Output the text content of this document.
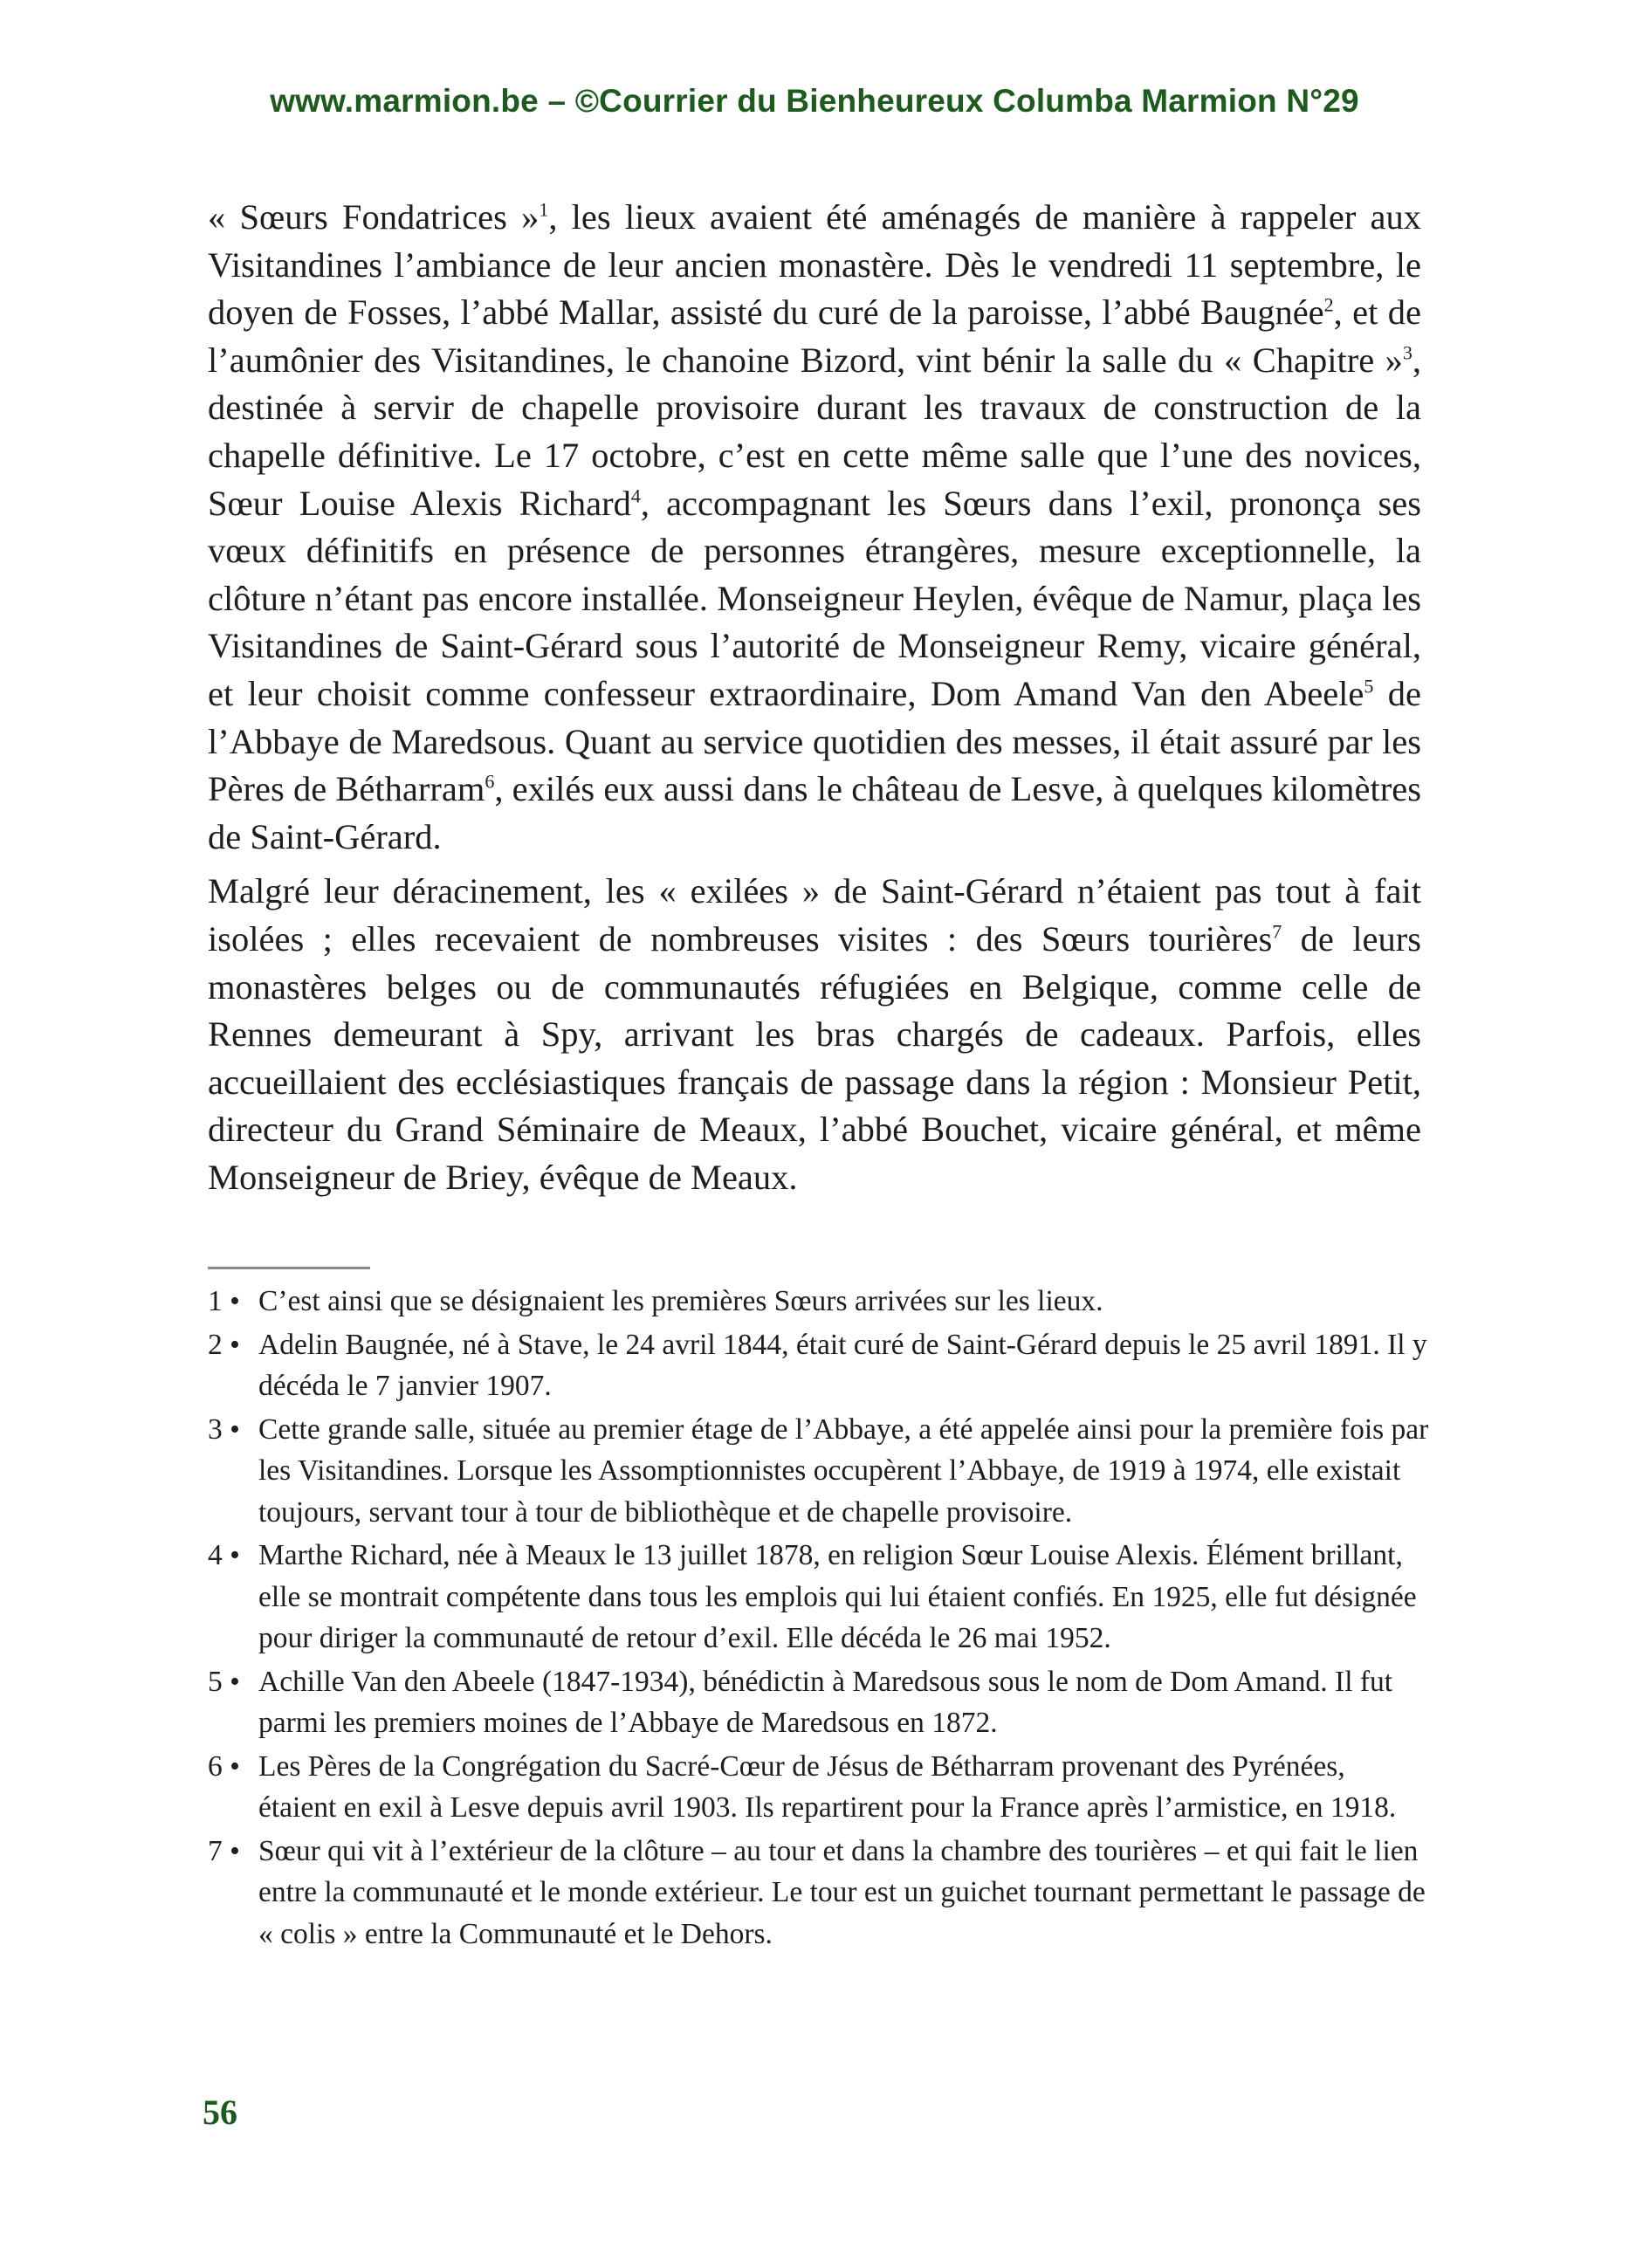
www.marmion.be – ©Courrier du Bienheureux Columba Marmion N°29

« Sœurs Fondatrices »$^1$, les lieux avaient été aménagés de manière à rappeler aux Visitandines l’ambiance de leur ancien monastère. Dès le vendredi 11 septembre, le doyen de Fosses, l’abbé Mallar, assisté du curé de la paroisse, l’abbé Baugnée$^2$, et de l’aumônier des Visitandines, le chanoine Bizord, vint bénir la salle du « Chapitre »$^3$, destinée à servir de chapelle provisoire durant les travaux de construction de la chapelle définitive. Le 17 octobre, c’est en cette même salle que l’une des novices, Sœur Louise Alexis Richard$^4$, accompagnant les Sœurs dans l’exil, prononça ses vœux définitifs en présence de personnes étrangères, mesure exceptionnelle, la clôture n’étant pas encore installée. Monseigneur Heylen, évêque de Namur, plaça les Visitandines de Saint-Gérard sous l’autorité de Monseigneur Remy, vicaire général, et leur choisit comme confesseur extraordinaire, Dom Amand Van den Abeele$^5$ de l’Abbaye de Maredsous. Quant au service quotidien des messes, il était assuré par les Pères de Bétharram$^6$, exilés eux aussi dans le château de Lesve, à quelques kilomètres de Saint-Gérard.

Malgré leur déracinement, les « exilées » de Saint-Gérard n’étaient pas tout à fait isolées ; elles recevaient de nombreuses visites : des Sœurs tourières$^7$ de leurs monastères belges ou de communautés réfugiées en Belgique, comme celle de Rennes demeurant à Spy, arrivant les bras chargés de cadeaux. Parfois, elles accueillaient des ecclésiastiques français de passage dans la région : Monsieur Petit, directeur du Grand Séminaire de Meaux, l’abbé Bouchet, vicaire général, et même Monseigneur de Briey, évêque de Meaux.

1 • C’est ainsi que se désignaient les premières Sœurs arrivées sur les lieux.
2 • Adelin Baugnée, né à Stave, le 24 avril 1844, était curé de Saint-Gérard depuis le 25 avril 1891. Il y décéda le 7 janvier 1907.
3 • Cette grande salle, située au premier étage de l’Abbaye, a été appelée ainsi pour la première fois par les Visitandines. Lorsque les Assomptionnistes occupèrent l’Abbaye, de 1919 à 1974, elle existait toujours, servant tour à tour de bibliothèque et de chapelle provisoire.
4 • Marthe Richard, née à Meaux le 13 juillet 1878, en religion Sœur Louise Alexis. Élément brillant, elle se montrait compétente dans tous les emplois qui lui étaient confiés. En 1925, elle fut désignée pour diriger la communauté de retour d’exil. Elle décéda le 26 mai 1952.
5 • Achille Van den Abeele (1847-1934), bénédictin à Maredsous sous le nom de Dom Amand. Il fut parmi les premiers moines de l’Abbaye de Maredsous en 1872.
6 • Les Pères de la Congrégation du Sacré-Cœur de Jésus de Bétharram provenant des Pyrénées, étaient en exil à Lesve depuis avril 1903. Ils repartirent pour la France après l’armistice, en 1918.
7 • Sœur qui vit à l’extérieur de la clôture – au tour et dans la chambre des tourières – et qui fait le lien entre la communauté et le monde extérieur. Le tour est un guichet tournant permettant le passage de « colis » entre la Communauté et le Dehors.
56
